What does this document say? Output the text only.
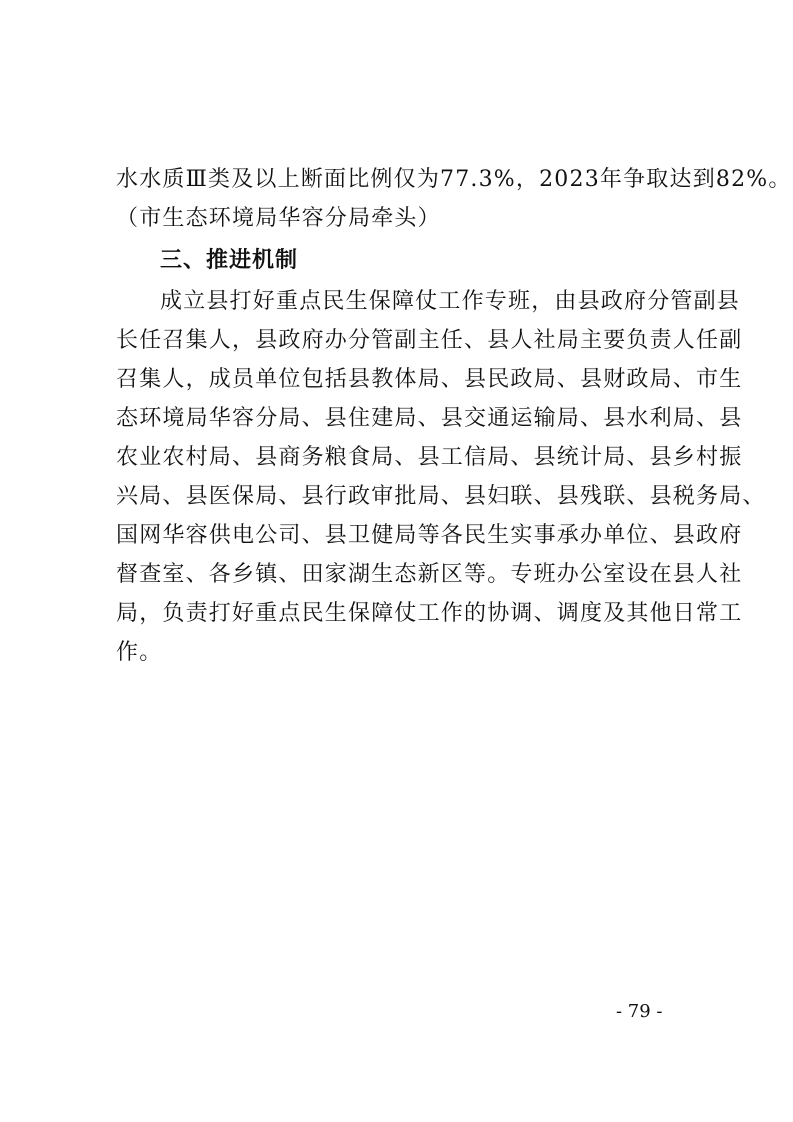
水水质Ⅲ类及以上断面比例仅为77.3%，2023年争取达到82%。
（市生态环境局华容分局牵头）
三、推进机制
成立县打好重点民生保障仗工作专班，由县政府分管副县
长任召集人，县政府办分管副主任、县人社局主要负责人任副
召集人，成员单位包括县教体局、县民政局、县财政局、市生
态环境局华容分局、县住建局、县交通运输局、县水利局、县
农业农村局、县商务粮食局、县工信局、县统计局、县乡村振
兴局、县医保局、县行政审批局、县妇联、县残联、县税务局、
国网华容供电公司、县卫健局等各民生实事承办单位、县政府
督查室、各乡镇、田家湖生态新区等。专班办公室设在县人社
局，负责打好重点民生保障仗工作的协调、调度及其他日常工
作。
- 79 -
